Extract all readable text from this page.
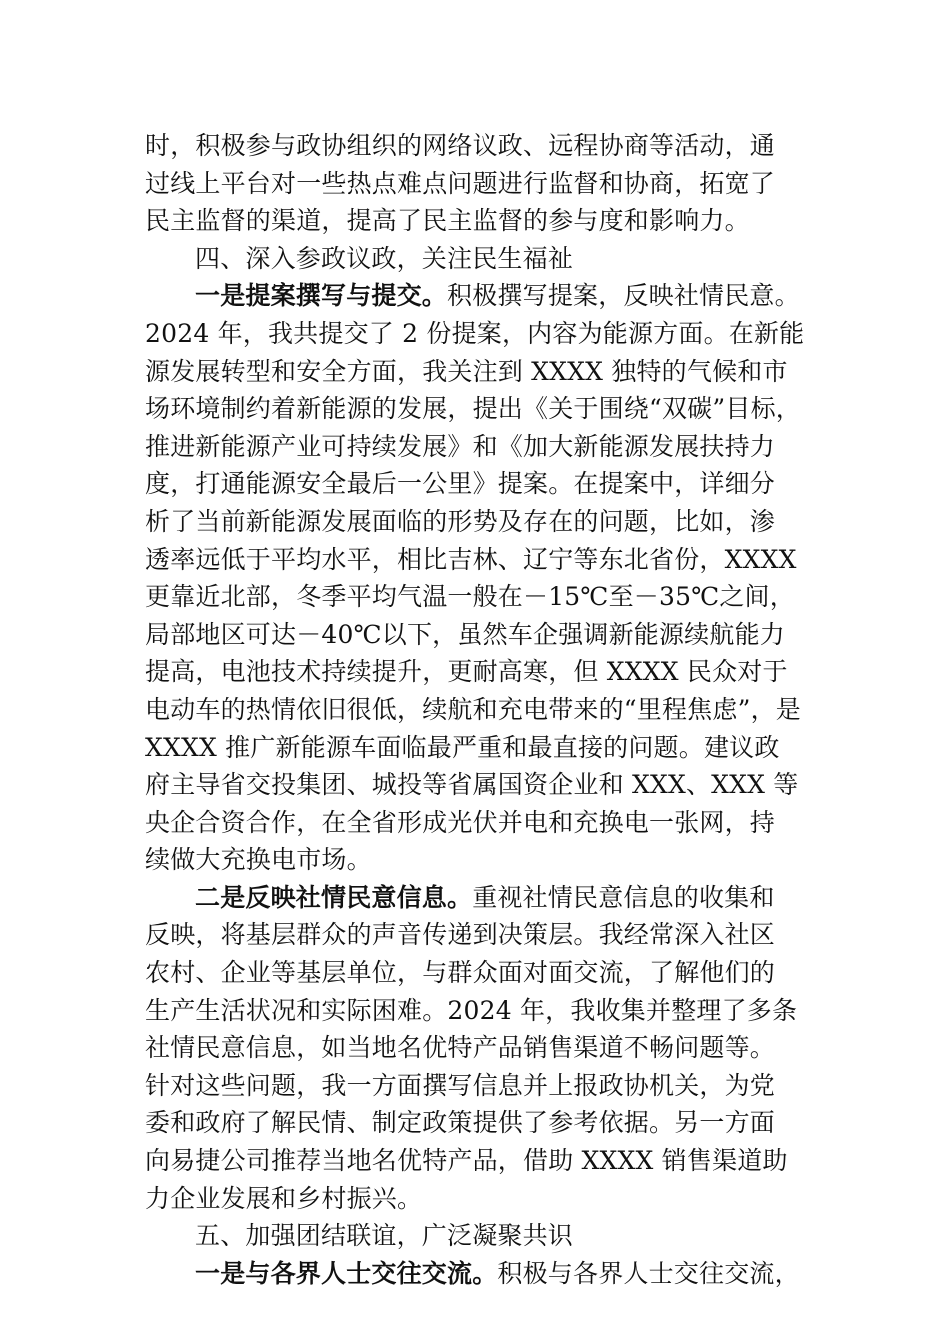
时，积极参与政协组织的网络议政、远程协商等活动，通
过线上平台对一些热点难点问题进行监督和协商，拓宽了
民主监督的渠道，提高了民主监督的参与度和影响力。
四、深入参政议政，关注民生福祉
一是提案撰写与提交。积极撰写提案，反映社情民意。
2024 年，我共提交了 2 份提案，内容为能源方面。在新能
源发展转型和安全方面，我关注到 XXXX 独特的气候和市
场环境制约着新能源的发展，提出《关于围绕“双碳”目标，
推进新能源产业可持续发展》和《加大新能源发展扶持力
度，打通能源安全最后一公里》提案。在提案中，详细分
析了当前新能源发展面临的形势及存在的问题，比如，渗
透率远低于平均水平，相比吉林、辽宁等东北省份，XXXX
更靠近北部，冬季平均气温一般在－15℃至－35℃之间，
局部地区可达－40℃以下，虽然车企强调新能源续航能力
提高，电池技术持续提升，更耐高寒，但 XXXX 民众对于
电动车的热情依旧很低，续航和充电带来的“里程焦虑”，是
XXXX 推广新能源车面临最严重和最直接的问题。建议政
府主导省交投集团、城投等省属国资企业和 XXX、XXX 等
央企合资合作，在全省形成光伏并电和充换电一张网，持
续做大充换电市场。
二是反映社情民意信息。重视社情民意信息的收集和
反映，将基层群众的声音传递到决策层。我经常深入社区
农村、企业等基层单位，与群众面对面交流，了解他们的
生产生活状况和实际困难。2024 年，我收集并整理了多条
社情民意信息，如当地名优特产品销售渠道不畅问题等。
针对这些问题，我一方面撰写信息并上报政协机关，为党
委和政府了解民情、制定政策提供了参考依据。另一方面
向易捷公司推荐当地名优特产品，借助 XXXX 销售渠道助
力企业发展和乡村振兴。
五、加强团结联谊，广泛凝聚共识
一是与各界人士交往交流。积极与各界人士交往交流，
